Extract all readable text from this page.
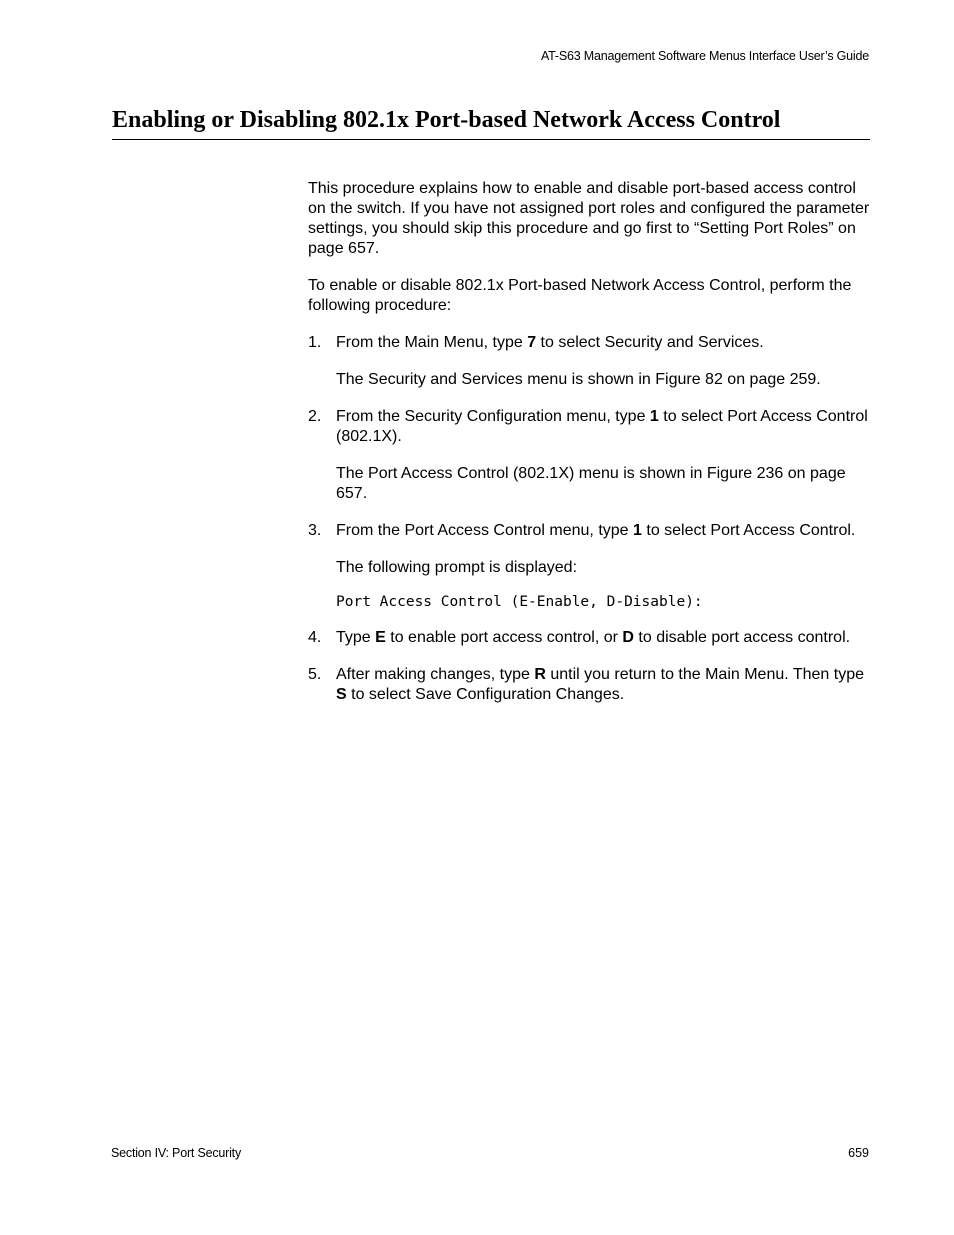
AT-S63 Management Software Menus Interface User’s Guide
Enabling or Disabling 802.1x Port-based Network Access Control

This procedure explains how to enable and disable port-based access control on the switch. If you have not assigned port roles and configured the parameter settings, you should skip this procedure and go first to “Setting Port Roles” on page 657.

To enable or disable 802.1x Port-based Network Access Control, perform the following procedure:

1. From the Main Menu, type 7 to select Security and Services.

The Security and Services menu is shown in Figure 82 on page 259.

2. From the Security Configuration menu, type 1 to select Port Access Control (802.1X).

The Port Access Control (802.1X) menu is shown in Figure 236 on page 657.

3. From the Port Access Control menu, type 1 to select Port Access Control.

The following prompt is displayed:

Port Access Control (E-Enable, D-Disable):
4. Type E to enable port access control, or D to disable port access control.
5. After making changes, type R until you return to the Main Menu. Then type S to select Save Configuration Changes.
Section IV: Port Security	659
